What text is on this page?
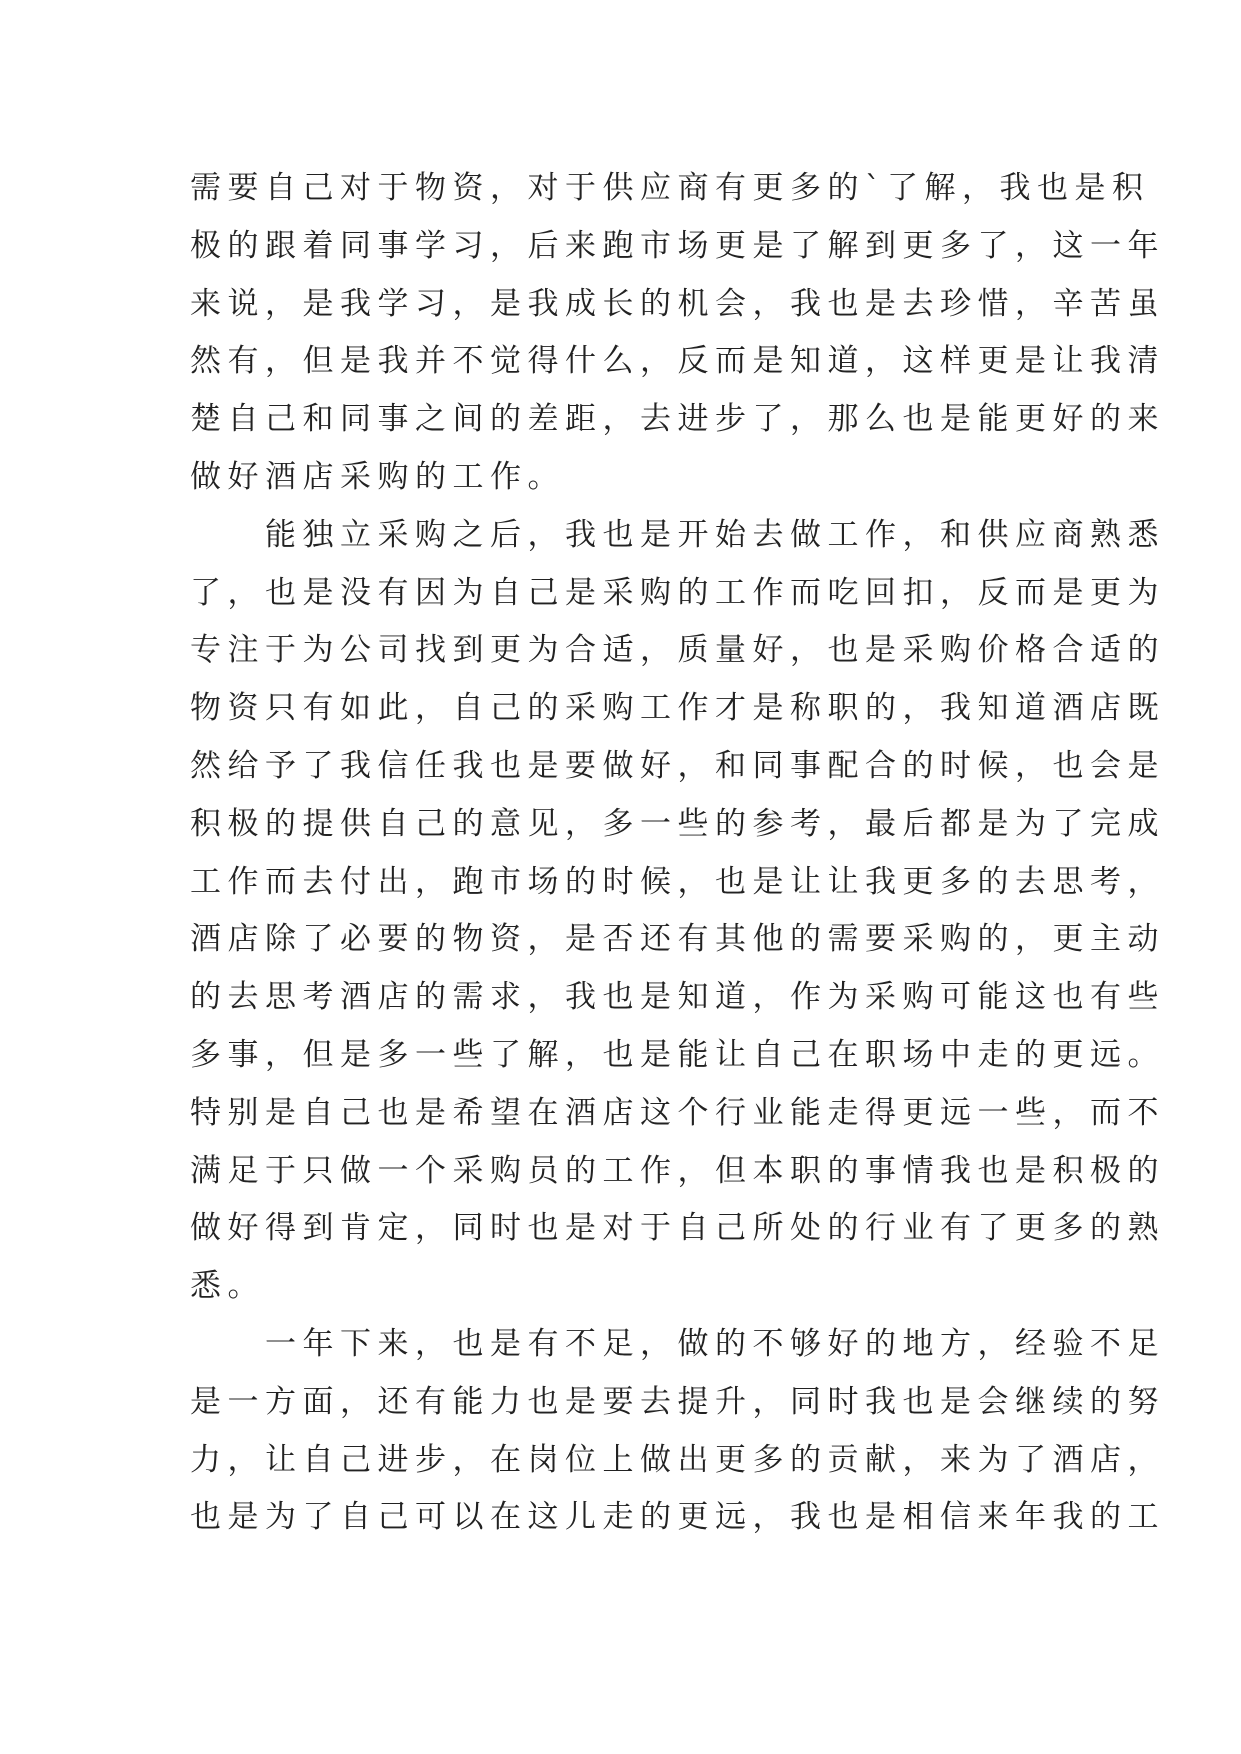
需要自己对于物资，对于供应商有更多的`了解，我也是积
极的跟着同事学习，后来跑市场更是了解到更多了，这一年
来说，是我学习，是我成长的机会，我也是去珍惜，辛苦虽
然有，但是我并不觉得什么，反而是知道，这样更是让我清
楚自己和同事之间的差距，去进步了，那么也是能更好的来
做好酒店采购的工作。
　　能独立采购之后，我也是开始去做工作，和供应商熟悉
了，也是没有因为自己是采购的工作而吃回扣，反而是更为
专注于为公司找到更为合适，质量好，也是采购价格合适的
物资只有如此，自己的采购工作才是称职的，我知道酒店既
然给予了我信任我也是要做好，和同事配合的时候，也会是
积极的提供自己的意见，多一些的参考，最后都是为了完成
工作而去付出，跑市场的时候，也是让让我更多的去思考，
酒店除了必要的物资，是否还有其他的需要采购的，更主动
的去思考酒店的需求，我也是知道，作为采购可能这也有些
多事，但是多一些了解，也是能让自己在职场中走的更远。
特别是自己也是希望在酒店这个行业能走得更远一些，而不
满足于只做一个采购员的工作，但本职的事情我也是积极的
做好得到肯定，同时也是对于自己所处的行业有了更多的熟
悉。
　　一年下来，也是有不足，做的不够好的地方，经验不足
是一方面，还有能力也是要去提升，同时我也是会继续的努
力，让自己进步，在岗位上做出更多的贡献，来为了酒店，
也是为了自己可以在这儿走的更远，我也是相信来年我的工
